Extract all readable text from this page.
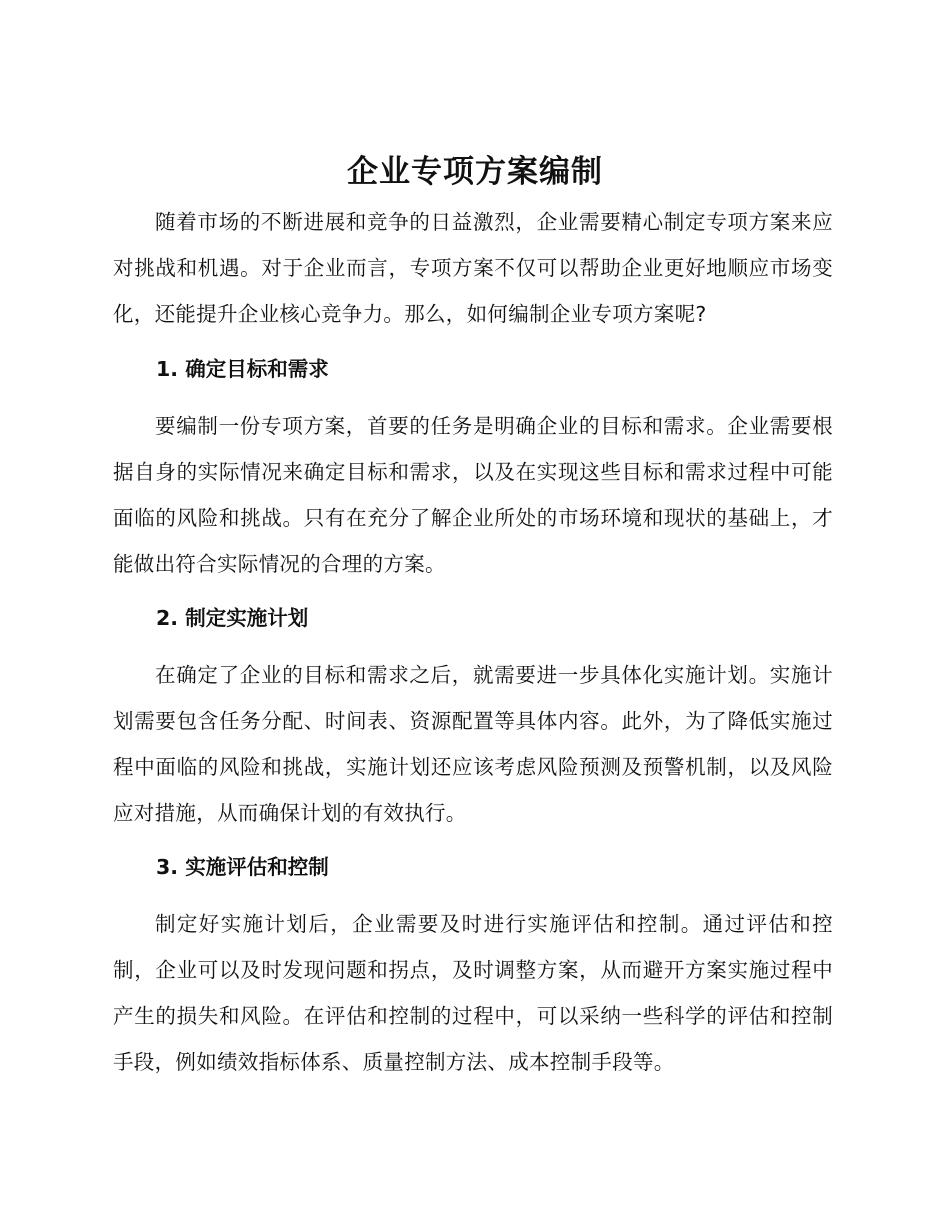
企业专项方案编制

随着市场的不断进展和竞争的日益激烈，企业需要精心制定专项方案来应对挑战和机遇。对于企业而言，专项方案不仅可以帮助企业更好地顺应市场变化，还能提升企业核心竞争力。那么，如何编制企业专项方案呢?

1. 确定目标和需求

要编制一份专项方案，首要的任务是明确企业的目标和需求。企业需要根据自身的实际情况来确定目标和需求，以及在实现这些目标和需求过程中可能面临的风险和挑战。只有在充分了解企业所处的市场环境和现状的基础上，才能做出符合实际情况的合理的方案。

2. 制定实施计划

在确定了企业的目标和需求之后，就需要进一步具体化实施计划。实施计划需要包含任务分配、时间表、资源配置等具体内容。此外，为了降低实施过程中面临的风险和挑战，实施计划还应该考虑风险预测及预警机制，以及风险应对措施，从而确保计划的有效执行。

3. 实施评估和控制

制定好实施计划后，企业需要及时进行实施评估和控制。通过评估和控制，企业可以及时发现问题和拐点，及时调整方案，从而避开方案实施过程中产生的损失和风险。在评估和控制的过程中，可以采纳一些科学的评估和控制手段，例如绩效指标体系、质量控制方法、成本控制手段等。
